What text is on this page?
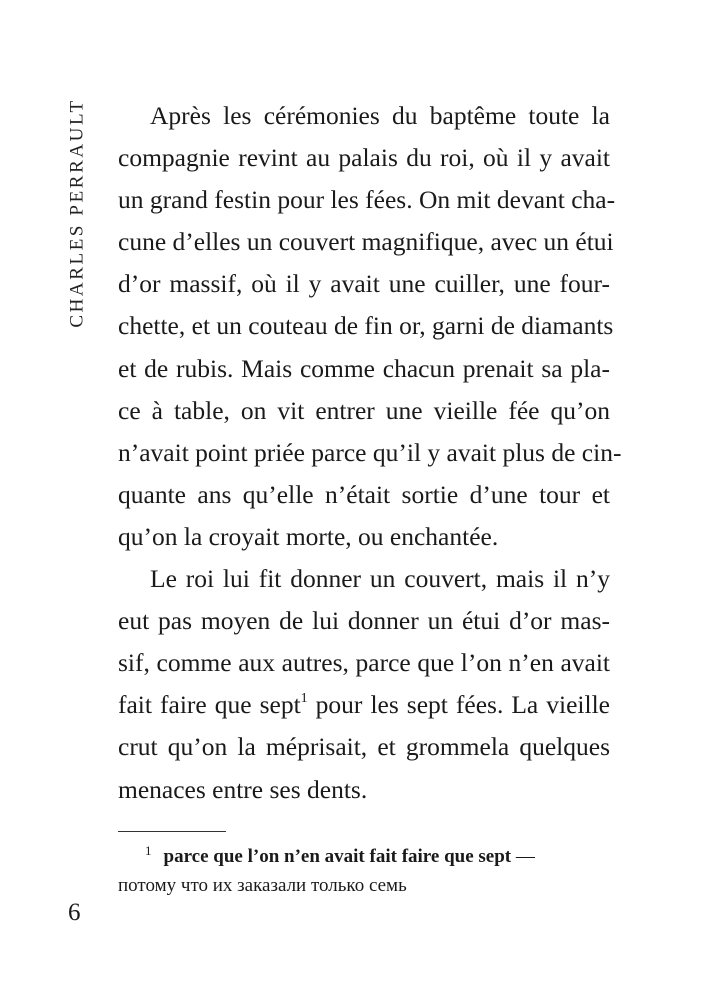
CHARLES PERRAULT	Après les cérémonies du baptême toute la
compagnie revint au palais du roi, où il y avait
un grand festin pour les fées. On mit devant cha-
cune d’elles un couvert magnifique, avec un étui
d’or massif, où il y avait une cuiller, une four-
chette, et un couteau de fin or, garni de diamants
et de rubis. Mais comme chacun prenait sa pla-
ce à table, on vit entrer une vieille fée qu’on
n’avait point priée parce qu’il y avait plus de cin-
quante ans qu’elle n’était sortie d’une tour et
qu’on la croyait morte, ou enchantée.
Le roi lui fit donner un couvert, mais il n’y
eut pas moyen de lui donner un étui d’or mas-
sif, comme aux autres, parce que l’on n’en avait
fait faire que sept$^1$ pour les sept fées. La vieille
crut qu’on la méprisait, et grommela quelques
menaces entre ses dents.
$^1$ parce que l’on n’en avait fait faire que sept —
потому что их заказали только семь
6
